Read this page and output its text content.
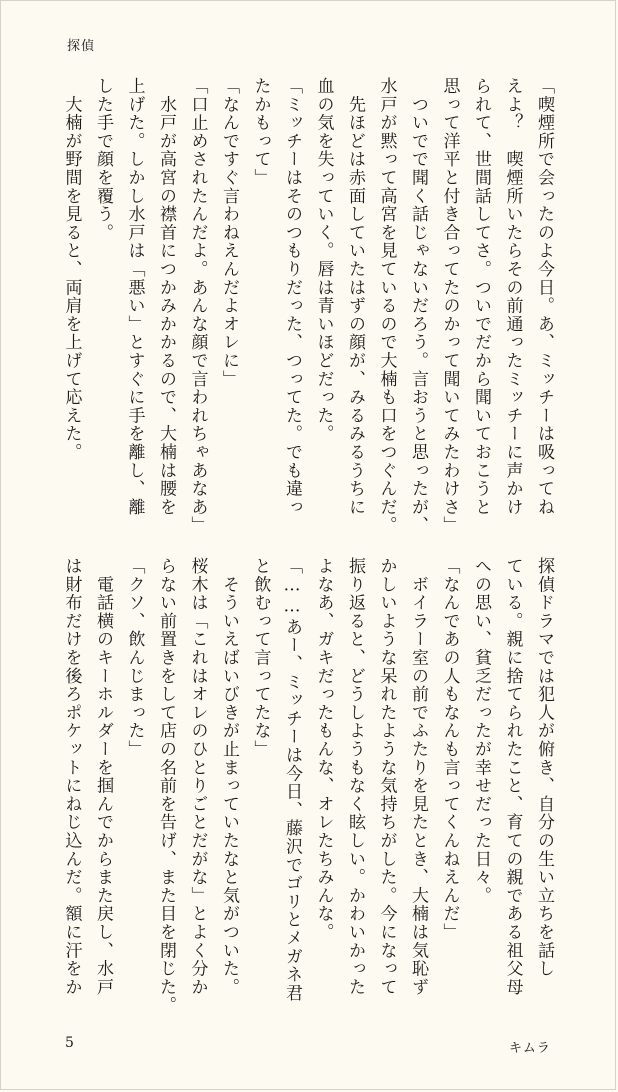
探偵
「喫煙所で会ったのよ今日。あ、ミッチーは吸ってね
えよ？　喫煙所いたらその前通ったミッチーに声かけ
られて、世間話してさ。ついでだから聞いておこうと
思って洋平と付き合ってたのかって聞いてみたわけさ」
　ついでで聞く話じゃないだろう。言おうと思ったが、
水戸が黙って高宮を見ているので大楠も口をつぐんだ。
　先ほどは赤面していたはずの顔が、みるみるうちに
血の気を失っていく。唇は青いほどだった。
「ミッチーはそのつもりだった、つってた。でも違っ
たかもって」
「なんですぐ言わねえんだよオレに」
「口止めされたんだよ。あんな顔で言われちゃあなあ」
　水戸が高宮の襟首につかみかかるので、大楠は腰を
上げた。しかし水戸は「悪い」とすぐに手を離し、離
した手で顔を覆う。
　大楠が野間を見ると、両肩を上げて応えた。
探偵ドラマでは犯人が俯き、自分の生い立ちを話し
ている。親に捨てられたこと、育ての親である祖父母
への思い、貧乏だったが幸せだった日々。
「なんであの人もなんも言ってくんねえんだ」
　ボイラー室の前でふたりを見たとき、大楠は気恥ず
かしいような呆れたような気持ちがした。今になって
振り返ると、どうしようもなく眩しい。かわいかった
よなあ、ガキだったもんな、オレたちみんな。
「……あー、ミッチーは今日、藤沢でゴリとメガネ君
と飲むって言ってたな」
　そういえばいびきが止まっていたなと気がついた。
桜木は「これはオレのひとりごとだがな」とよく分か
らない前置きをして店の名前を告げ、また目を閉じた。
「クソ、飲んじまった」
　電話横のキーホルダーを掴んでからまた戻し、水戸
は財布だけを後ろポケットにねじ込んだ。額に汗をか
5	キムラ
